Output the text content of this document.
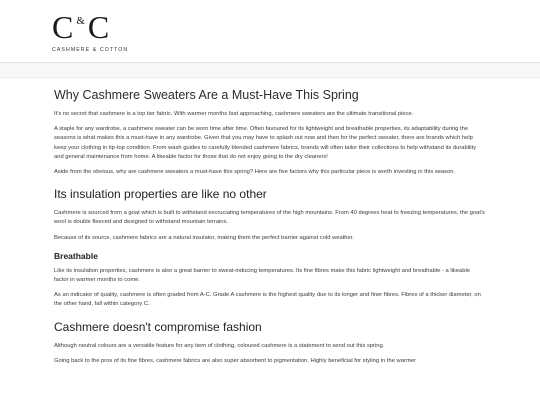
C & C
CASHMERE & COTTON
Why Cashmere Sweaters Are a Must-Have This Spring

It's no secret that cashmere is a top tier fabric. With warmer months fast approaching, cashmere sweaters are the ultimate transitional piece.

A staple for any wardrobe, a cashmere sweater can be worn time after time. Often favoured for its lightweight and breathable properties, its adaptability during the seasons is what makes this a must-have in any wardrobe. Given that you may have to splash out now and then for the perfect sweater, there are brands which help keep your clothing in tip-top condition. From wash guides to carefully blended cashmere fabrics, brands will often tailor their collections to help withstand its durability and general maintenance from home. A likeable factor for those that do not enjoy going to the dry cleaners!

Aside from the obvious, why are cashmere sweaters a must-have this spring? Here are five factors why this particular piece is worth investing in this season.

Its insulation properties are like no other

Cashmere is sourced from a goat which is built to withstand excruciating temperatures of the high mountains. From 40 degrees heat to freezing temperatures, the goat's wool is double fleeced and designed to withstand mountain terrains.

Because of its source, cashmere fabrics are a natural insulator, making them the perfect barrier against cold weather.

Breathable

Like its insulation properties, cashmere is also a great barrier to sweat-inducing temperatures. Its fine fibres make this fabric lightweight and breathable - a likeable factor in warmer months to come.

As an indicator of quality, cashmere is often graded from A-C. Grade A cashmere is the highest quality due to its longer and finer fibres. Fibres of a thicker diameter, on the other hand, fall within category C.

Cashmere doesn't compromise fashion

Although neutral colours are a versatile feature for any item of clothing, coloured cashmere is a statement to send out this spring.

Going back to the pros of its fine fibres, cashmere fabrics are also super absorbent to pigmentation. Highly beneficial for styling in the warmer
